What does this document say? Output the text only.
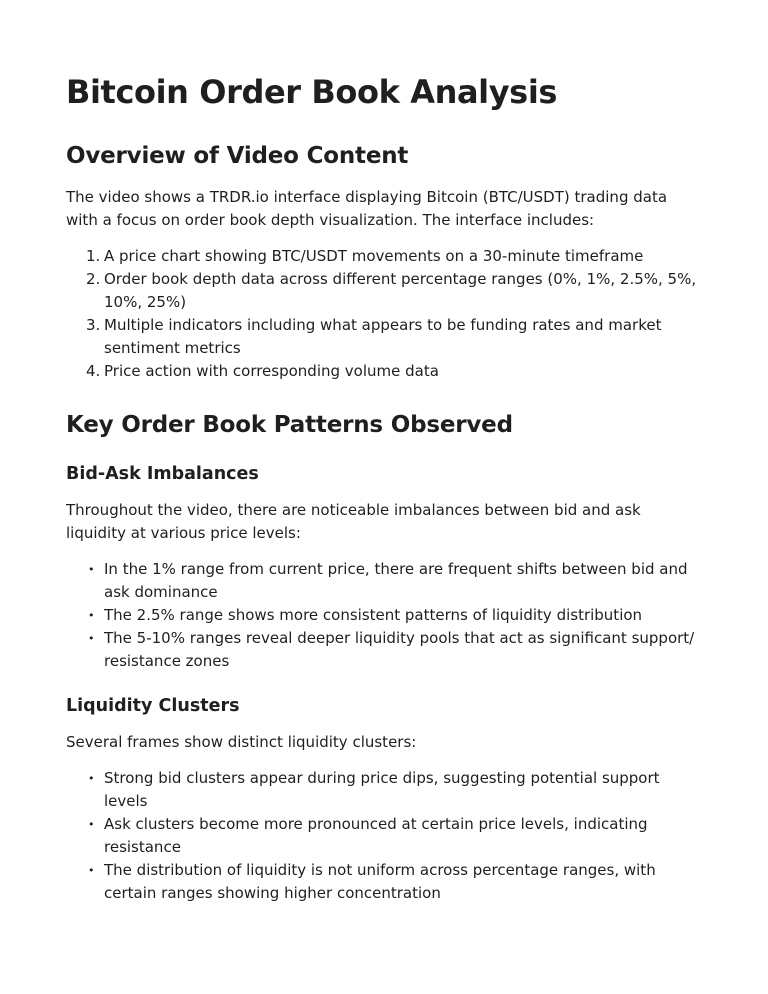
Bitcoin Order Book Analysis
Overview of Video Content

The video shows a TRDR.io interface displaying Bitcoin (BTC/USDT) trading data with a focus on order book depth visualization. The interface includes:

1. A price chart showing BTC/USDT movements on a 30-minute timeframe
2. Order book depth data across different percentage ranges (0%, 1%, 2.5%, 5%, 10%, 25%)
3. Multiple indicators including what appears to be funding rates and market sentiment metrics
4. Price action with corresponding volume data
Key Order Book Patterns Observed
Bid-Ask Imbalances

Throughout the video, there are noticeable imbalances between bid and ask liquidity at various price levels:

• In the 1% range from current price, there are frequent shifts between bid and ask dominance
• The 2.5% range shows more consistent patterns of liquidity distribution
• The 5-10% ranges reveal deeper liquidity pools that act as significant support/ resistance zones
Liquidity Clusters

Several frames show distinct liquidity clusters:

• Strong bid clusters appear during price dips, suggesting potential support levels
• Ask clusters become more pronounced at certain price levels, indicating resistance
• The distribution of liquidity is not uniform across percentage ranges, with certain ranges showing higher concentration
